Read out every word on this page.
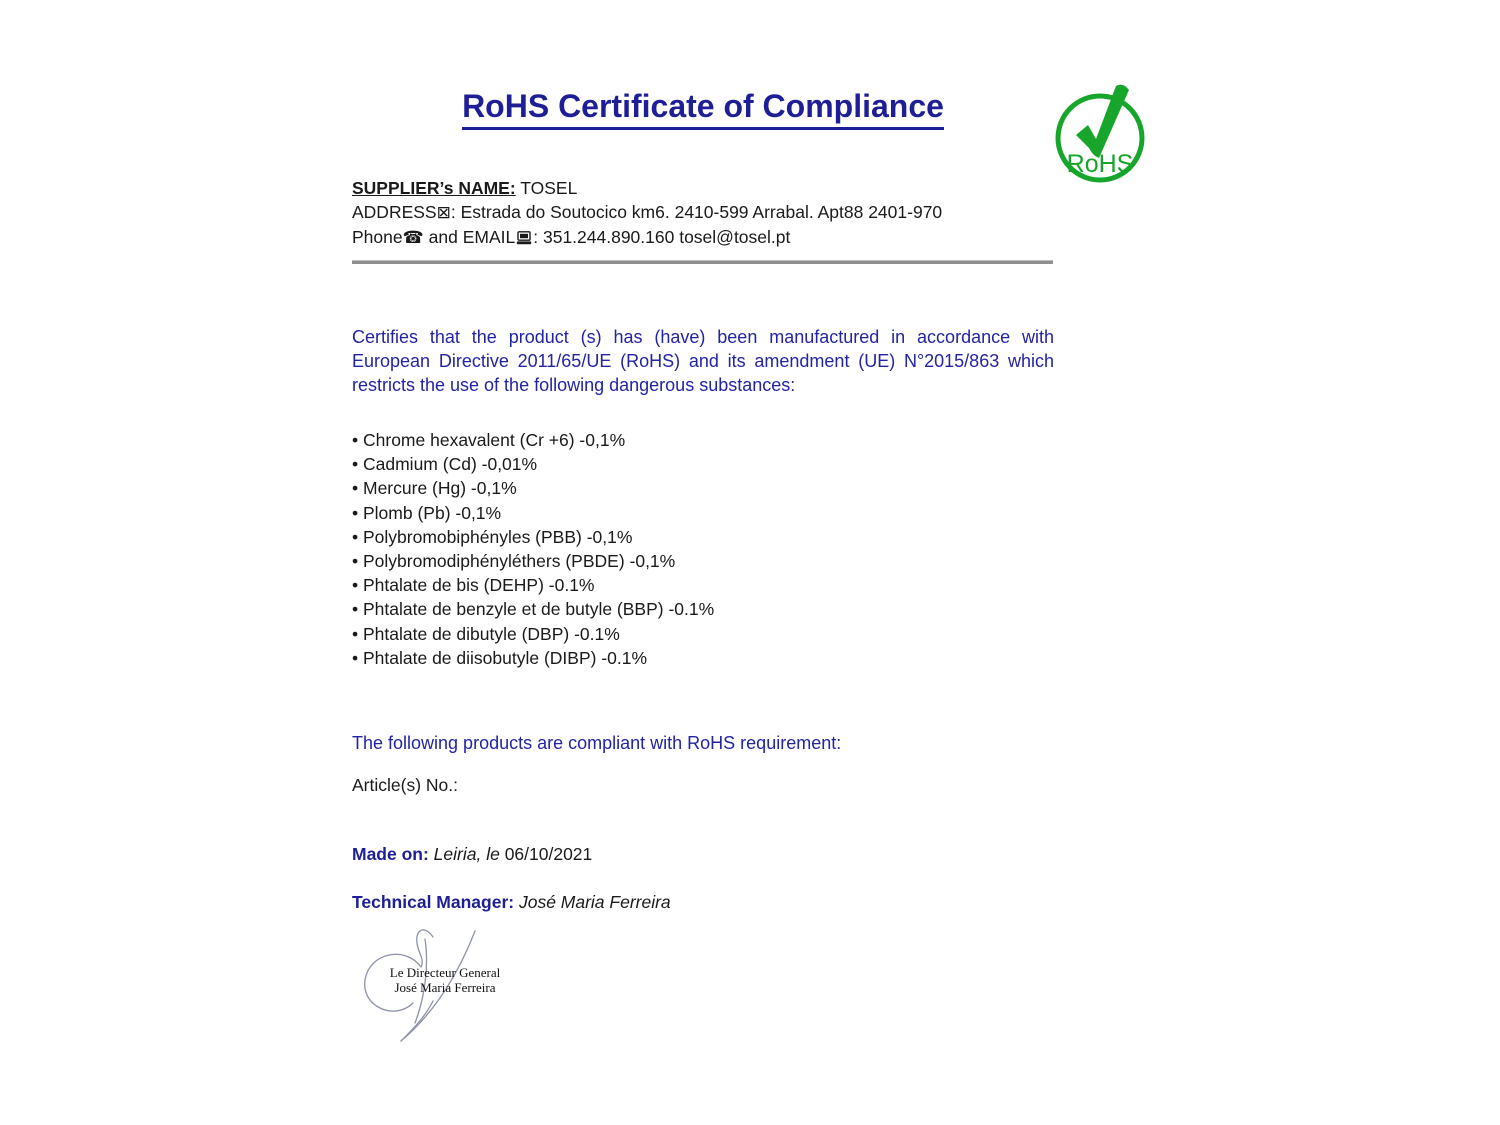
RoHS Certificate of Compliance
RoHS
SUPPLIER’s NAME: TOSEL
ADDRESS⊠: Estrada do Soutocico km6. 2410-599 Arrabal. Apt88 2401-970
Phone☎ and EMAIL : 351.244.890.160 tosel@tosel.pt

Certifies that the product (s) has (have) been manufactured in accordance with European Directive 2011/65/UE (RoHS) and its amendment (UE) N°2015/863 which restricts the use of the following dangerous substances:

• Chrome hexavalent (Cr +6) -0,1%
• Cadmium (Cd) -0,01%
• Mercure (Hg) -0,1%
• Plomb (Pb) -0,1%
• Polybromobiphényles (PBB) -0,1%
• Polybromodiphényléthers (PBDE) -0,1%
• Phtalate de bis (DEHP) -0.1%
• Phtalate de benzyle et de butyle (BBP) -0.1%
• Phtalate de dibutyle (DBP) -0.1%
• Phtalate de diisobutyle (DIBP) -0.1%
The following products are compliant with RoHS requirement:
Article(s) No.:
Made on: Leiria, le 06/10/2021
Technical Manager: José Maria Ferreira
Le Directeur General
José Maria Ferreira
